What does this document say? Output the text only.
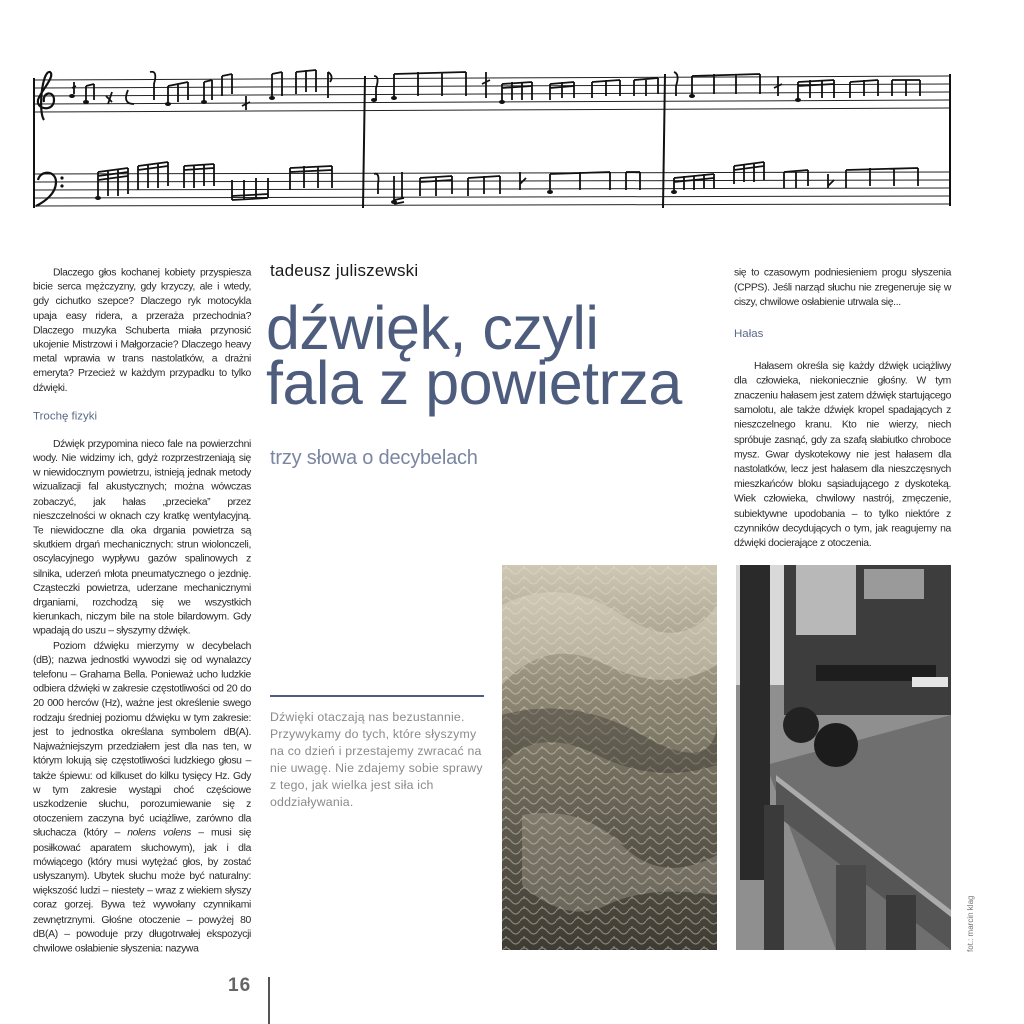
Dlaczego głos kochanej kobiety przyspiesza bicie serca mężczyzny, gdy krzyczy, ale i wtedy, gdy cichutko szepce? Dlaczego ryk motocykla upaja easy ridera, a przeraża przechodnia? Dlaczego muzyka Schuberta miała przynosić ukojenie Mistrzowi i Małgorzacie? Dlaczego heavy metal wprawia w trans nastolatków, a drażni emeryta? Przecież w każdym przypadku to tylko dźwięki.

Trochę fizyki

Dźwięk przypomina nieco fale na powierzchni wody. Nie widzimy ich, gdyż rozprzestrzeniają się w niewidocznym powietrzu, istnieją jednak metody wizualizacji fal akustycznych; można wówczas zobaczyć, jak hałas „przecieka” przez nieszczelności w oknach czy kratkę wentylacyjną. Te niewidoczne dla oka drgania powietrza są skutkiem drgań mechanicznych: strun wiolonczeli, oscylacyjnego wypływu gazów spalinowych z silnika, uderzeń młota pneumatycznego o jezdnię. Cząsteczki powietrza, uderzane mechanicznymi drganiami, rozchodzą się we wszystkich kierunkach, niczym bile na stole bilardowym. Gdy wpadają do uszu – słyszymy dźwięk.

Poziom dźwięku mierzymy w decybelach (dB); nazwa jednostki wywodzi się od wynalazcy telefonu – Grahama Bella. Ponieważ ucho ludzkie odbiera dźwięki w zakresie częstotliwości od 20 do 20 000 herców (Hz), ważne jest określenie swego rodzaju średniej poziomu dźwięku w tym zakresie: jest to jednostka określana symbolem dB(A). Najważniejszym przedziałem jest dla nas ten, w którym lokują się częstotliwości ludzkiego głosu – także śpiewu: od kilkuset do kilku tysięcy Hz. Gdy w tym zakresie wystąpi choć częściowe uszkodzenie słuchu, porozumiewanie się z otoczeniem zaczyna być uciążliwe, zarówno dla słuchacza (który – nolens volens – musi się posiłkować aparatem słuchowym), jak i dla mówiącego (który musi wytężać głos, by zostać usłyszanym). Ubytek słuchu może być naturalny: większość ludzi – niestety – wraz z wiekiem słyszy coraz gorzej. Bywa też wywołany czynnikami zewnętrznymi. Głośne otoczenie – powyżej 80 dB(A) – powoduje przy długotrwałej ekspozycji chwilowe osłabienie słyszenia: nazywa

tadeusz juliszewski
dźwięk, czyli
fala z powietrza
trzy słowa o decybelach
Dźwięki otaczają nas bezustannie. Przywykamy do tych, które słyszymy na co dzień i przestajemy zwracać na nie uwagę. Nie zdajemy sobie sprawy z tego, jak wielka jest siła ich oddziaływania.

się to czasowym podniesieniem progu słyszenia (CPPS). Jeśli narząd słuchu nie zregeneruje się w ciszy, chwilowe osłabienie utrwala się...

Hałas

Hałasem określa się każdy dźwięk uciążliwy dla człowieka, niekoniecznie głośny. W tym znaczeniu hałasem jest zatem dźwięk startującego samolotu, ale także dźwięk kropel spadających z nieszczelnego kranu. Kto nie wierzy, niech spróbuje zasnąć, gdy za szafą słabiutko chroboce mysz. Gwar dyskotekowy nie jest hałasem dla nastolatków, lecz jest hałasem dla nieszczęsnych mieszkańców bloku sąsiadującego z dyskoteką. Wiek człowieka, chwilowy nastrój, zmęczenie, subiektywne upodobania – to tylko niektóre z czynników decydujących o tym, jak reagujemy na dźwięki docierające z otoczenia.

fot.: marcin klag
16
